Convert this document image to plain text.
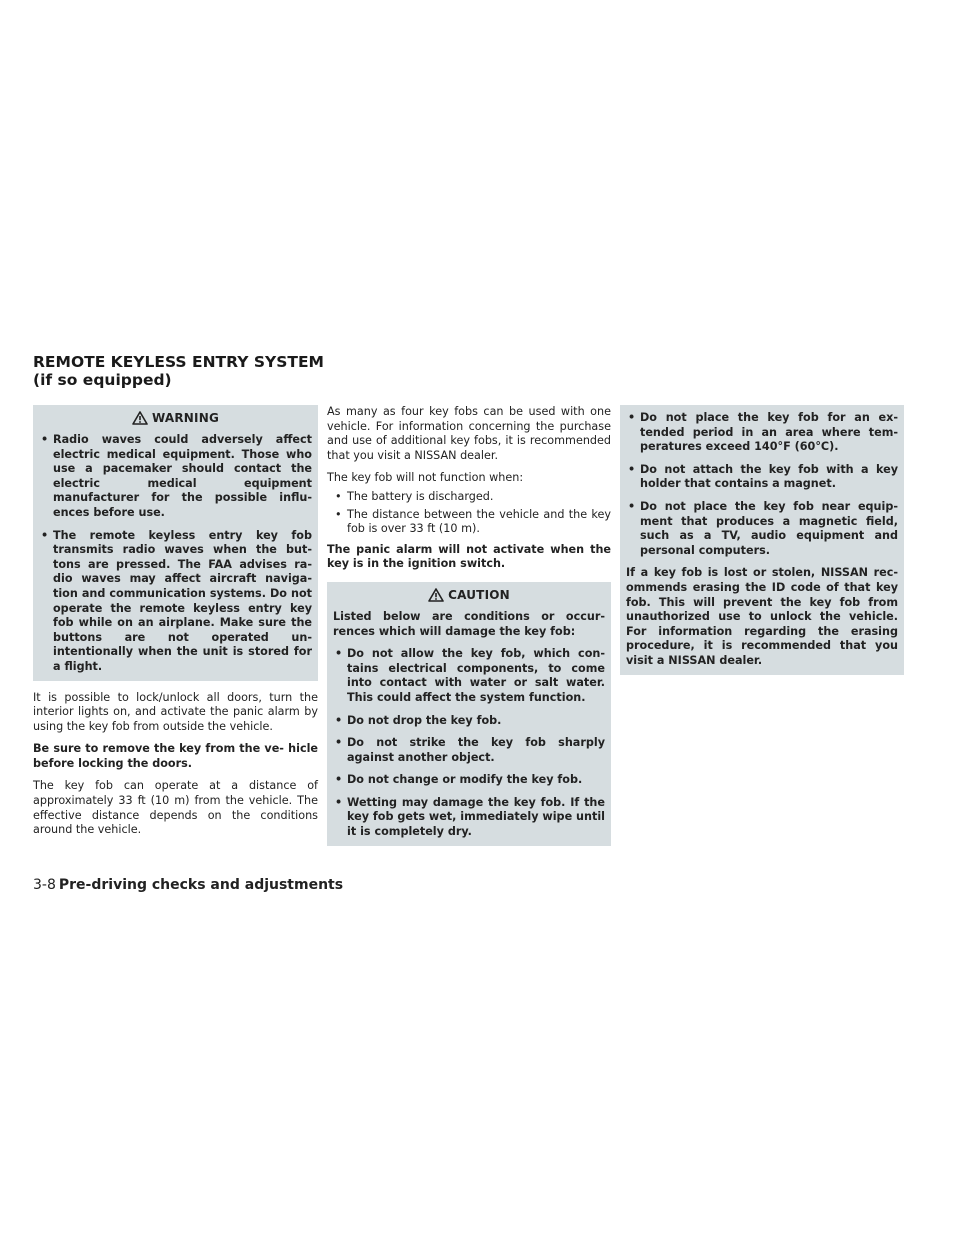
REMOTE KEYLESS ENTRY SYSTEM (if so equipped)
WARNING
• Radio waves could adversely affect electric medical equipment. Those who use a pacemaker should contact the electric medical equipment manufacturer for the possible influ- ences before use.
• The remote keyless entry key fob transmits radio waves when the but- tons are pressed. The FAA advises ra- dio waves may affect aircraft naviga- tion and communication systems. Do not operate the remote keyless entry key fob while on an airplane. Make sure the buttons are not operated un- intentionally when the unit is stored for a flight.

It is possible to lock/unlock all doors, turn the interior lights on, and activate the panic alarm by using the key fob from outside the vehicle.

Be sure to remove the key from the ve- hicle before locking the doors.

The key fob can operate at a distance of approximately 33 ft (10 m) from the vehicle. The effective distance depends on the conditions around the vehicle.

As many as four key fobs can be used with one vehicle. For information concerning the purchase and use of additional key fobs, it is recommended that you visit a NISSAN dealer.

The key fob will not function when:

• The battery is discharged.
• The distance between the vehicle and the key fob is over 33 ft (10 m).

The panic alarm will not activate when the key is in the ignition switch.

CAUTION

Listed below are conditions or occur- rences which will damage the key fob:

• Do not allow the key fob, which con- tains electrical components, to come into contact with water or salt water. This could affect the system function.
• Do not drop the key fob.
• Do not strike the key fob sharply against another object.
• Do not change or modify the key fob.
• Wetting may damage the key fob. If the key fob gets wet, immediately wipe until it is completely dry.
• Do not place the key fob for an ex- tended period in an area where tem- peratures exceed 140°F (60°C).
• Do not attach the key fob with a key holder that contains a magnet.
• Do not place the key fob near equip- ment that produces a magnetic field, such as a TV, audio equipment and personal computers.

If a key fob is lost or stolen, NISSAN rec- ommends erasing the ID code of that key fob. This will prevent the key fob from unauthorized use to unlock the vehicle. For information regarding the erasing procedure, it is recommended that you visit a NISSAN dealer.

3-8 Pre-driving checks and adjustments
